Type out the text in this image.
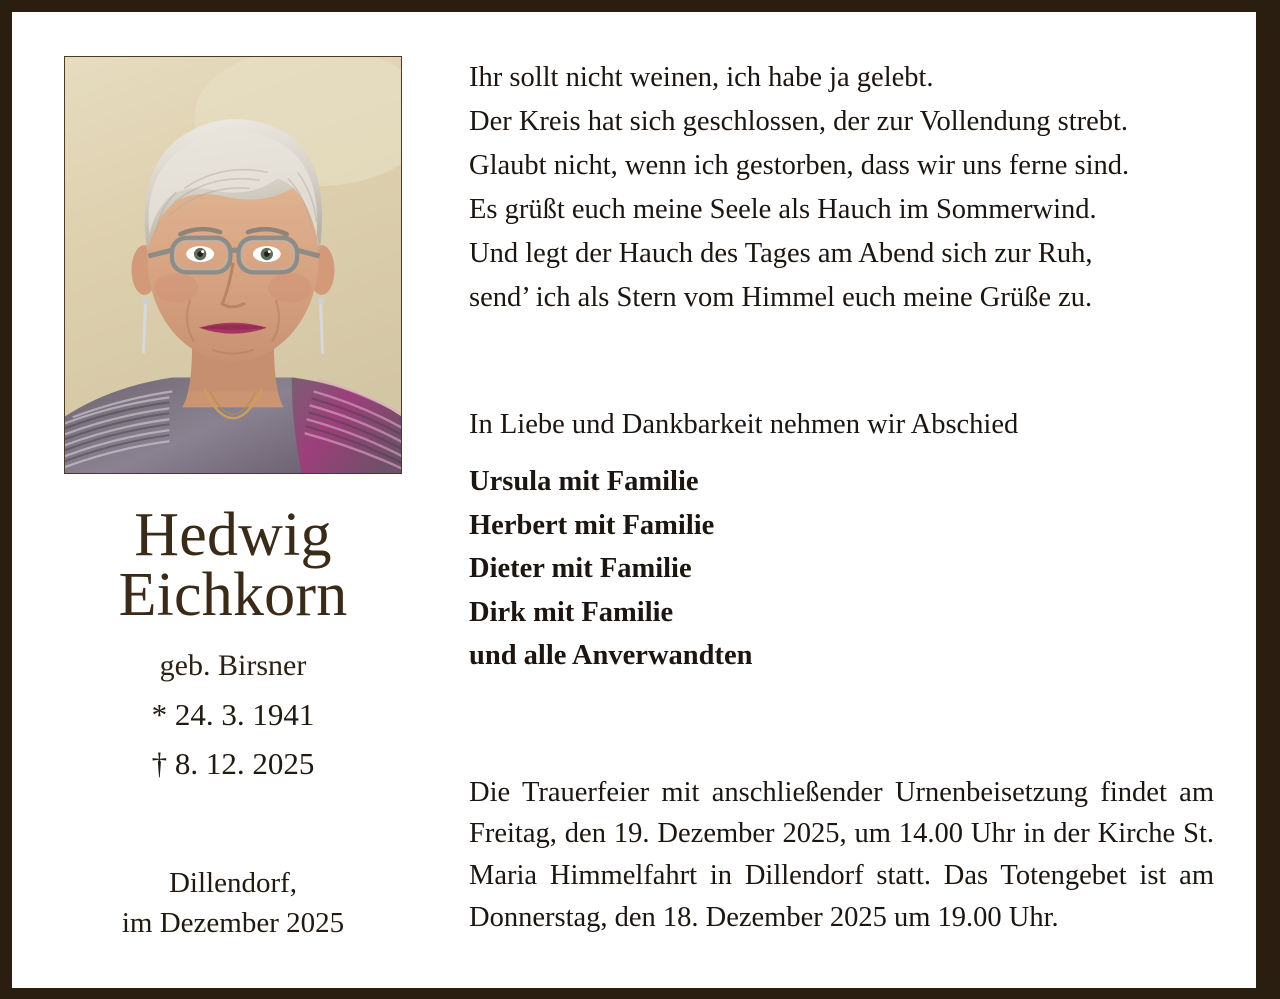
Hedwig
Eichkorn
geb. Birsner
* 24. 3. 1941
† 8. 12. 2025
Dillendorf,
im Dezember 2025
Ihr sollt nicht weinen, ich habe ja gelebt.
Der Kreis hat sich geschlossen, der zur Vollendung strebt.
Glaubt nicht, wenn ich gestorben, dass wir uns ferne sind.
Es grüßt euch meine Seele als Hauch im Sommerwind.
Und legt der Hauch des Tages am Abend sich zur Ruh,
send’ ich als Stern vom Himmel euch meine Grüße zu.
In Liebe und Dankbarkeit nehmen wir Abschied
Ursula mit Familie
Herbert mit Familie
Dieter mit Familie
Dirk mit Familie
und alle Anverwandten
Die Trauerfeier mit anschließender Urnenbeisetzung findet am Freitag, den 19. Dezember 2025, um 14.00 Uhr in der Kirche St. Maria Himmelfahrt in Dillendorf statt. Das Totengebet ist am Donnerstag, den 18. Dezember 2025 um 19.00 Uhr.
